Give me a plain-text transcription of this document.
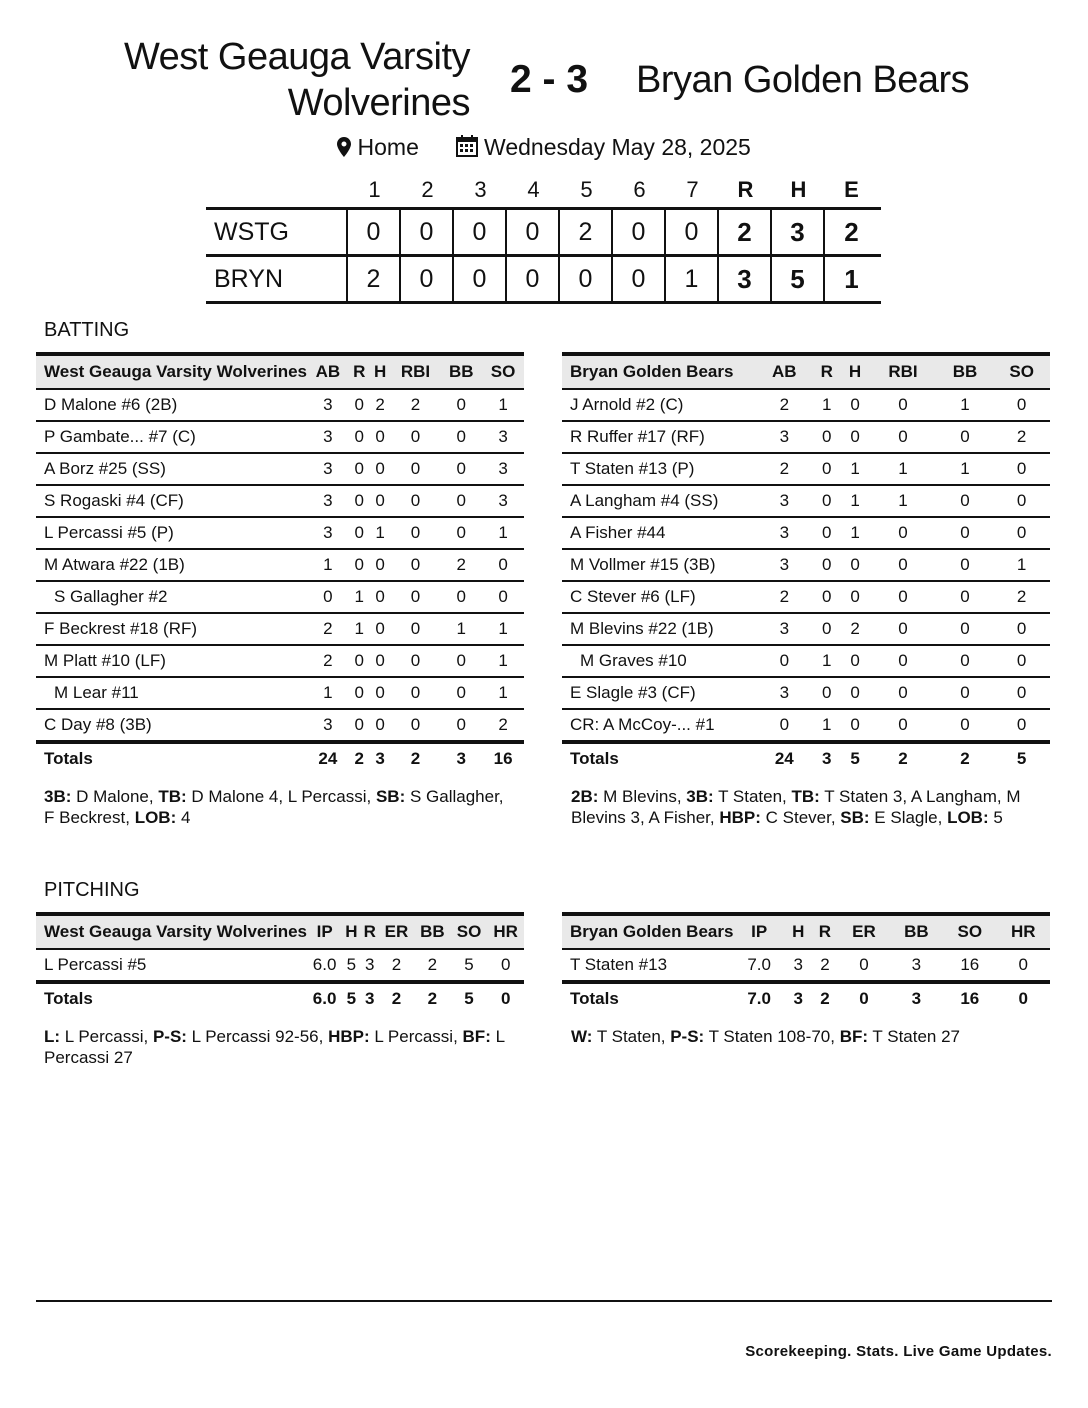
West Geauga Varsity Wolverines
2 - 3 Bryan Golden Bears
Home	Wednesday May 28, 2025
1	2	3	4	5	6	7	R	H	E
WSTG	0	0	0	0	2	0	0	2	3	2
BRYN	2	0	0	0	0	0	1	3	5	1
BATTING
West Geauga Varsity Wolverines	AB	R	H	RBI	BB	SO
D Malone #6 (2B)	3	0	2	2	0	1
P Gambate... #7 (C)	3	0	0	0	0	3
A Borz #25 (SS)	3	0	0	0	0	3
S Rogaski #4 (CF)	3	0	0	0	0	3
L Percassi #5 (P)	3	0	1	0	0	1
M Atwara #22 (1B)	1	0	0	0	2	0
S Gallagher #2	0	1	0	0	0	0
F Beckrest #18 (RF)	2	1	0	0	1	1
M Platt #10 (LF)	2	0	0	0	0	1
M Lear #11	1	0	0	0	0	1
C Day #8 (3B)	3	0	0	0	0	2
Totals	24	2	3	2	3	16
Bryan Golden Bears	AB	R	H	RBI	BB	SO
J Arnold #2 (C)	2	1	0	0	1	0
R Ruffer #17 (RF)	3	0	0	0	0	2
T Staten #13 (P)	2	0	1	1	1	0
A Langham #4 (SS)	3	0	1	1	0	0
A Fisher #44	3	0	1	0	0	0
M Vollmer #15 (3B)	3	0	0	0	0	1
C Stever #6 (LF)	2	0	0	0	0	2
M Blevins #22 (1B)	3	0	2	0	0	0
M Graves #10	0	1	0	0	0	0
E Slagle #3 (CF)	3	0	0	0	0	0
CR: A McCoy-... #1	0	1	0	0	0	0
Totals	24	3	5	2	2	5
3B: D Malone, TB: D Malone 4, L Percassi, SB: S Gallagher, F Beckrest, LOB: 4
2B: M Blevins, 3B: T Staten, TB: T Staten 3, A Langham, M Blevins 3, A Fisher, HBP: C Stever, SB: E Slagle, LOB: 5
PITCHING
West Geauga Varsity Wolverines	IP	H	R	ER	BB	SO	HR
L Percassi #5	6.0	5	3	2	2	5	0
Totals	6.0	5	3	2	2	5	0
Bryan Golden Bears	IP	H	R	ER	BB	SO	HR
T Staten #13	7.0	3	2	0	3	16	0
Totals	7.0	3	2	0	3	16	0
L: L Percassi, P-S: L Percassi 92-56, HBP: L Percassi, BF: L Percassi 27
W: T Staten, P-S: T Staten 108-70, BF: T Staten 27
Scorekeeping. Stats. Live Game Updates.
